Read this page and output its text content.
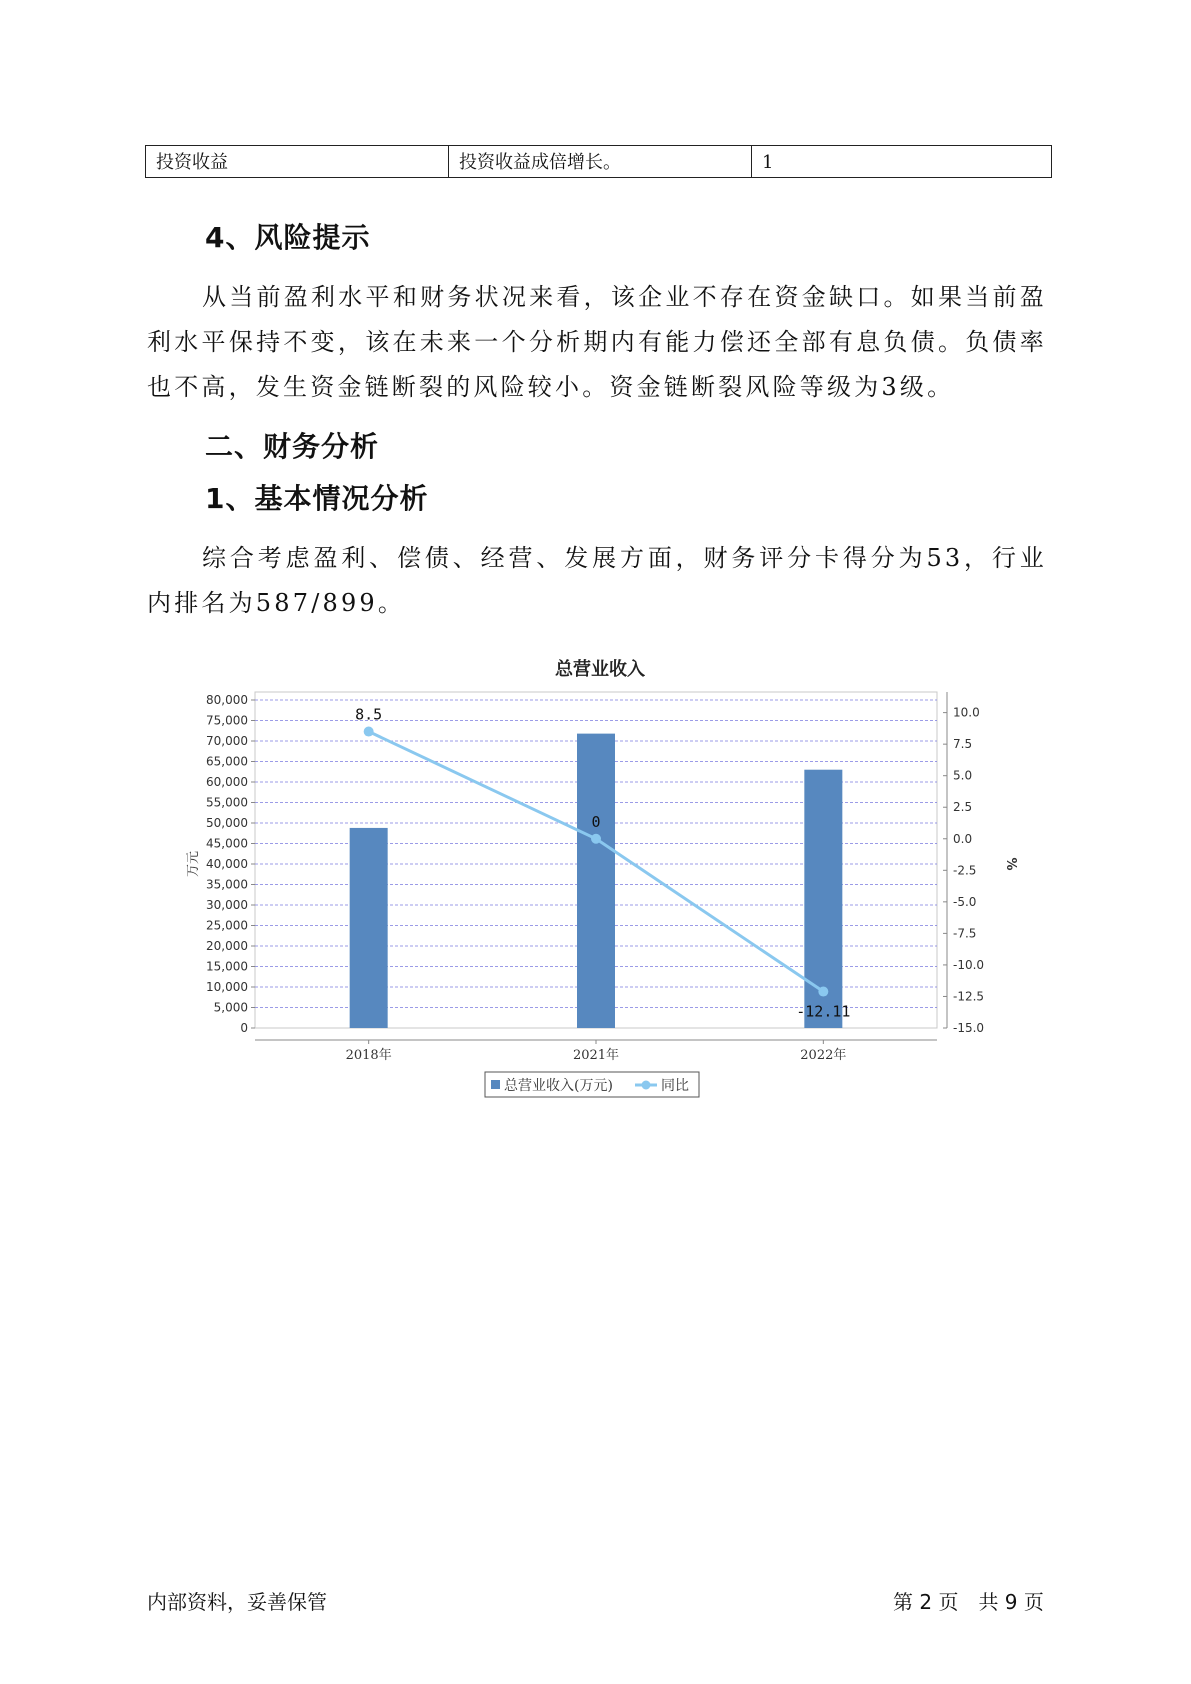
投资收益	投资收益成倍增长。	1
4、风险提示

从当前盈利水平和财务状况来看，该企业不存在资金缺口。如果当前盈利水平保持不变，该在未来一个分析期内有能力偿还全部有息负债。负债率也不高，发生资金链断裂的风险较小。资金链断裂风险等级为3级。

二、财务分析
1、基本情况分析

综合考虑盈利、偿债、经营、发展方面，财务评分卡得分为53，行业内排名为587/899。

总营业收入
0
5,000
10,000
15,000
20,000
25,000
30,000
35,000
40,000
45,000
50,000
55,000
60,000
65,000
70,000
75,000
80,000
-15.0
-12.5
-10.0
-7.5
-5.0
-2.5
0.0
2.5
5.0
7.5
10.0
万元	%
2018年	2021年	2022年
8.5
0
-12.11
总营业收入(万元)	同比
内部资料，妥善保管	第 2 页　共 9 页
